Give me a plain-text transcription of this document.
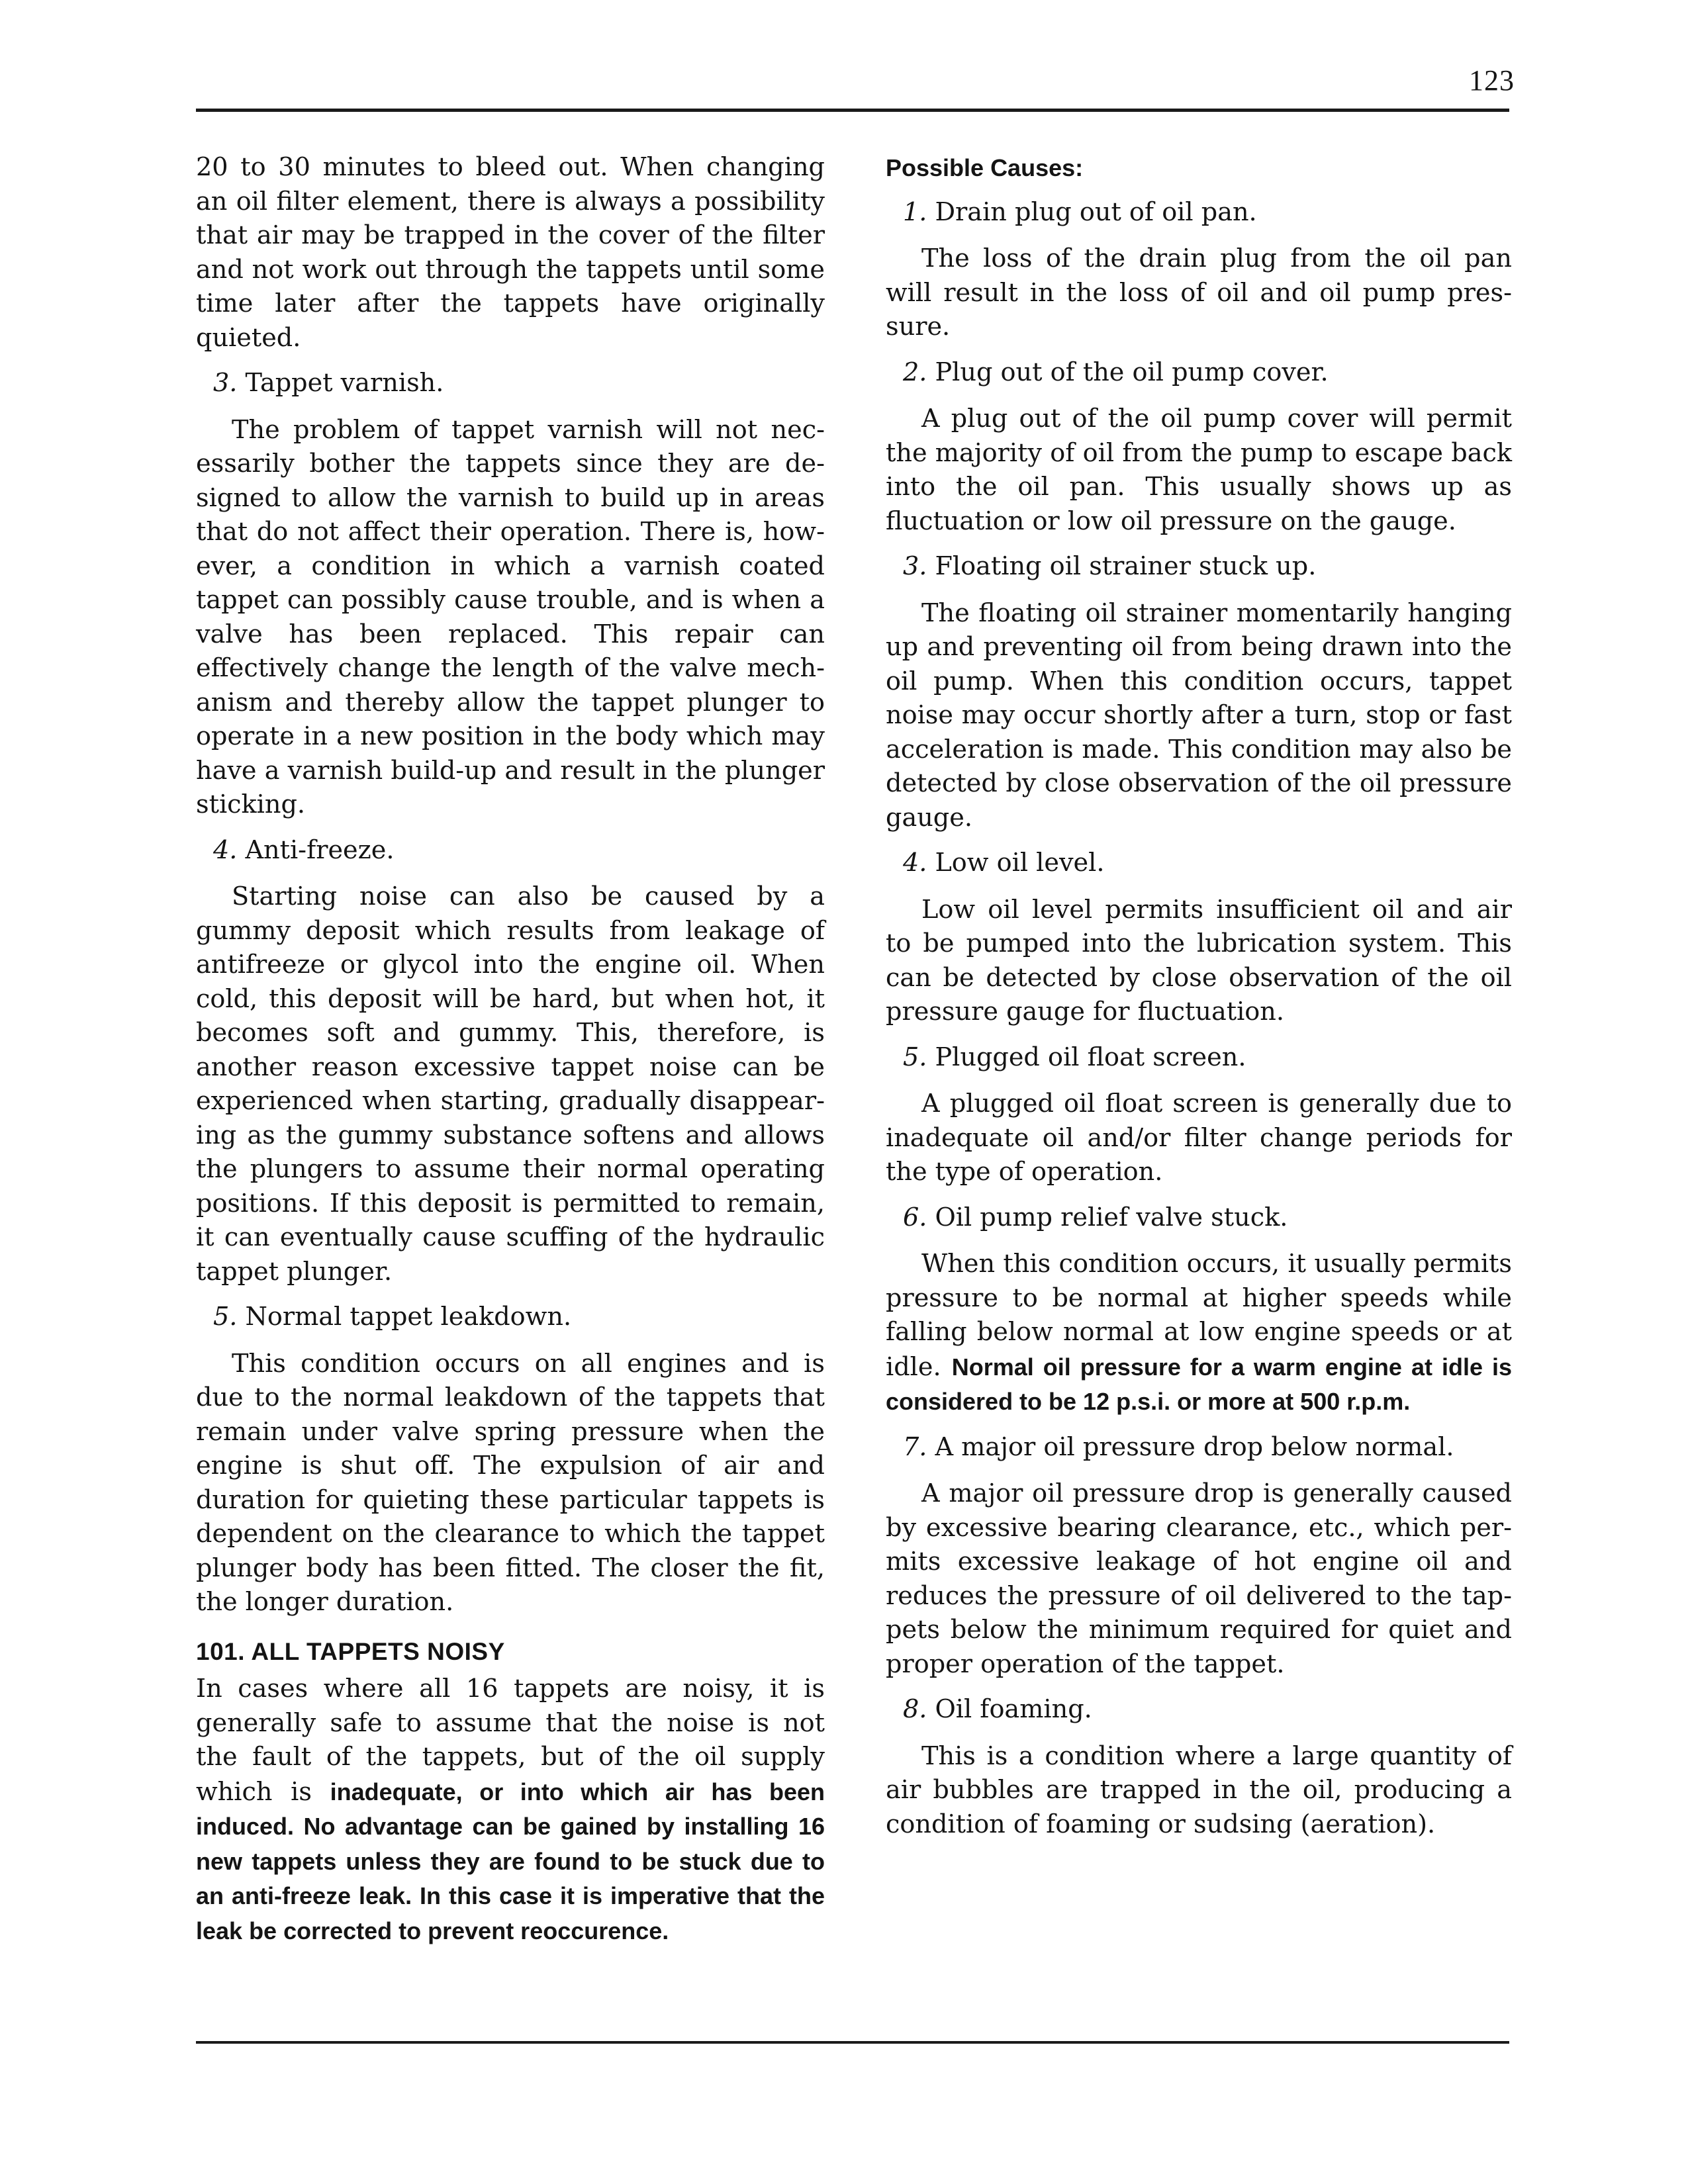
123

20 to 30 minutes to bleed out. When changing an oil filter element, there is always a possibility that air may be trapped in the cover of the filter and not work out through the tappets until some time later after the tappets have originally quieted.

3. Tappet varnish.

The problem of tappet varnish will not necessarily bother the tappets since they are designed to allow the varnish to build up in areas that do not affect their operation. There is, however, a condition in which a varnish coated tappet can possibly cause trouble, and is when a valve has been replaced. This repair can effectively change the length of the valve mechanism and thereby allow the tappet plunger to operate in a new position in the body which may have a varnish build-up and result in the plunger sticking.

4. Anti-freeze.

Starting noise can also be caused by a gummy deposit which results from leakage of antifreeze or glycol into the engine oil. When cold, this deposit will be hard, but when hot, it becomes soft and gummy. This, therefore, is another reason excessive tappet noise can be experienced when starting, gradually disappearing as the gummy substance softens and allows the plungers to assume their normal operating positions. If this deposit is permitted to remain, it can eventually cause scuffing of the hydraulic tappet plunger.

5. Normal tappet leakdown.

This condition occurs on all engines and is due to the normal leakdown of the tappets that remain under valve spring pressure when the engine is shut off. The expulsion of air and duration for quieting these particular tappets is dependent on the clearance to which the tappet plunger body has been fitted. The closer the fit, the longer duration.

101. ALL TAPPETS NOISY

In cases where all 16 tappets are noisy, it is generally safe to assume that the noise is not the fault of the tappets, but of the oil supply which is inadequate, or into which air has been induced. No advantage can be gained by installing 16 new tappets unless they are found to be stuck due to an anti-freeze leak. In this case it is imperative that the leak be corrected to prevent reoccurence.

Possible Causes:

1. Drain plug out of oil pan.

The loss of the drain plug from the oil pan will result in the loss of oil and oil pump pressure.

2. Plug out of the oil pump cover.

A plug out of the oil pump cover will permit the majority of oil from the pump to escape back into the oil pan. This usually shows up as fluctuation or low oil pressure on the gauge.

3. Floating oil strainer stuck up.

The floating oil strainer momentarily hanging up and preventing oil from being drawn into the oil pump. When this condition occurs, tappet noise may occur shortly after a turn, stop or fast acceleration is made. This condition may also be detected by close observation of the oil pressure gauge.

4. Low oil level.

Low oil level permits insufficient oil and air to be pumped into the lubrication system. This can be detected by close observation of the oil pressure gauge for fluctuation.

5. Plugged oil float screen.

A plugged oil float screen is generally due to inadequate oil and/or filter change periods for the type of operation.

6. Oil pump relief valve stuck.

When this condition occurs, it usually permits pressure to be normal at higher speeds while falling below normal at low engine speeds or at idle. Normal oil pressure for a warm engine at idle is considered to be 12 p.s.i. or more at 500 r.p.m.

7. A major oil pressure drop below normal.

A major oil pressure drop is generally caused by excessive bearing clearance, etc., which permits excessive leakage of hot engine oil and reduces the pressure of oil delivered to the tappets below the minimum required for quiet and proper operation of the tappet.

8. Oil foaming.

This is a condition where a large quantity of air bubbles are trapped in the oil, producing a condition of foaming or sudsing (aeration).
